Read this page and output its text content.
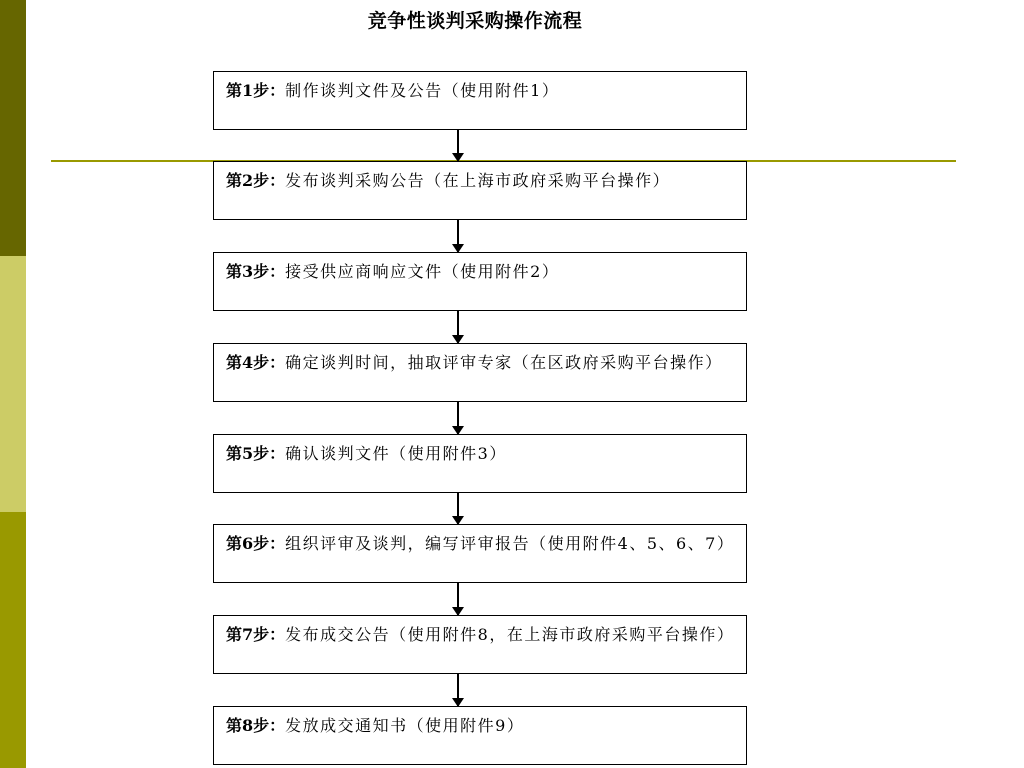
竞争性谈判采购操作流程
第1步：制作谈判文件及公告（使用附件1）
第2步：发布谈判采购公告（在上海市政府采购平台操作）
第3步：接受供应商响应文件（使用附件2）
第4步：确定谈判时间，抽取评审专家（在区政府采购平台操作）
第5步：确认谈判文件（使用附件3）
第6步：组织评审及谈判，编写评审报告（使用附件4、5、6、7）
第7步：发布成交公告（使用附件8，在上海市政府采购平台操作）
第8步：发放成交通知书（使用附件9）
